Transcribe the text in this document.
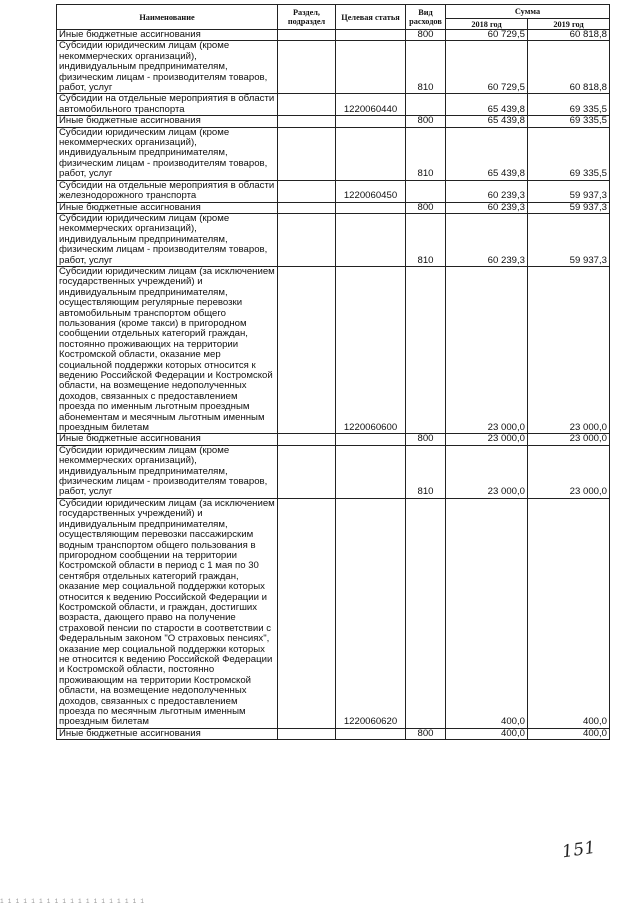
Наименование	Раздел, подраздел	Целевая статья	Вид расходов	Сумма	
				2018 год	2019 год
Иные бюджетные ассигнования			800	60 729,5	60 818,8
Субсидии юридическим лицам (кроме некоммерческих организаций), индивидуальным предпринимателям, физическим лицам - производителям товаров, работ, услуг			810	60 729,5	60 818,8
Субсидии на отдельные мероприятия в области автомобильного транспорта		1220060440		65 439,8	69 335,5
Иные бюджетные ассигнования			800	65 439,8	69 335,5
Субсидии юридическим лицам (кроме некоммерческих организаций), индивидуальным предпринимателям, физическим лицам - производителям товаров, работ, услуг			810	65 439,8	69 335,5
Субсидии на отдельные мероприятия в области железнодорожного транспорта		1220060450		60 239,3	59 937,3
Иные бюджетные ассигнования			800	60 239,3	59 937,3
Субсидии юридическим лицам (кроме некоммерческих организаций), индивидуальным предпринимателям, физическим лицам - производителям товаров, работ, услуг			810	60 239,3	59 937,3
Субсидии юридическим лицам (за исключением государственных учреждений) и индивидуальным предпринимателям, осуществляющим регулярные перевозки автомобильным транспортом общего пользования (кроме такси) в пригородном сообщении отдельных категорий граждан, постоянно проживающих на территории Костромской области, оказание мер социальной поддержки которых относится к ведению Российской Федерации и Костромской области, на возмещение недополученных доходов, связанных с предоставлением проезда по именным льготным проездным абонементам и месячным льготным именным проездным билетам		1220060600		23 000,0	23 000,0
Иные бюджетные ассигнования			800	23 000,0	23 000,0
Субсидии юридическим лицам (кроме некоммерческих организаций), индивидуальным предпринимателям, физическим лицам - производителям товаров, работ, услуг			810	23 000,0	23 000,0
Субсидии юридическим лицам (за исключением государственных учреждений) и индивидуальным предпринимателям, осуществляющим перевозки пассажирским водным транспортом общего пользования в пригородном сообщении на территории Костромской области в период с 1 мая по 30 сентября отдельных категорий граждан, оказание мер социальной поддержки которых относится к ведению Российской Федерации и Костромской области, и граждан, достигших возраста, дающего право на получение страховой пенсии по старости в соответствии с Федеральным законом "О страховых пенсиях", оказание мер социальной поддержки которых не относится к ведению Российской Федерации и Костромской области, постоянно проживающим на территории Костромской области, на возмещение недополученных доходов, связанных с предоставлением проезда по месячным льготным именным проездным билетам		1220060620		400,0	400,0
Иные бюджетные ассигнования			800	400,0	400,0
151
1 1 1 1 1 1 1 1 1 1 1 1 1 1 1 1 1 1 1
